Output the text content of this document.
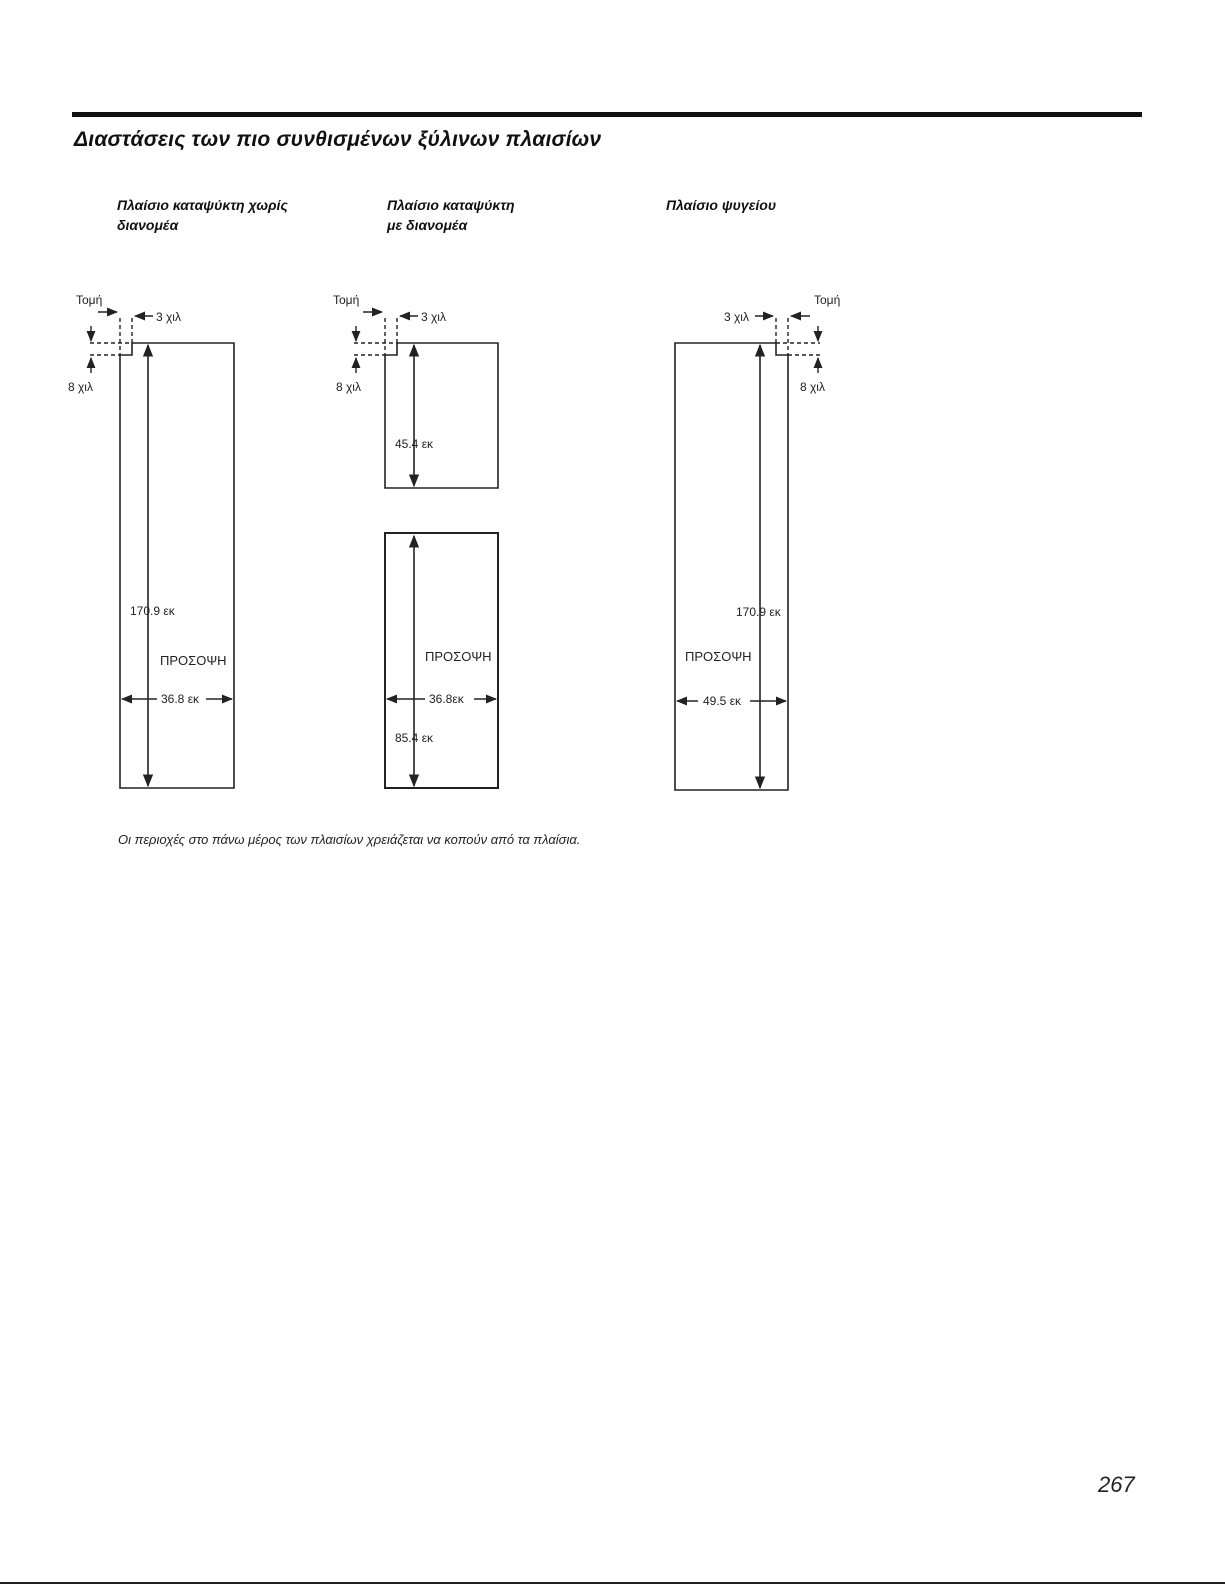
Διαστάσεις των πιο συνθισμένων ξύλινων πλαισίων
Πλαίσιο καταψύκτη χωρίς
διανομέα
Πλαίσιο καταψύκτη
με διανομέα
Πλαίσιο ψυγείου
Τομή
3 χιλ
8 χιλ
170.9 εκ
ΠΡΟΣΟΨΗ
36.8 εκ
Τομή
3 χιλ
8 χιλ
45.4 εκ
ΠΡΟΣΟΨΗ
36.8εκ
85.4 εκ
Τομή
3 χιλ
8 χιλ
170.9 εκ
ΠΡΟΣΟΨΗ
49.5 εκ

Οι περιοχές στο πάνω μέρος των πλαισίων χρειάζεται να κοπούν από τα πλαίσια.

267
